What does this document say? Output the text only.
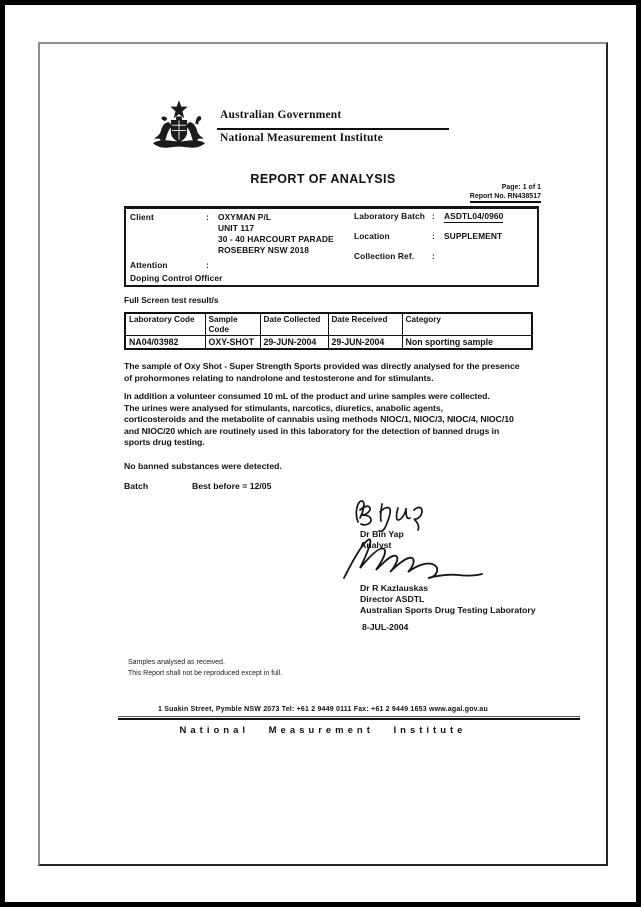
Australian Government
National Measurement Institute
REPORT OF ANALYSIS
Page: 1 of 1
Report No. RN438517
Client	: OXYMAN P/L
UNIT 117
30 - 40 HARCOURT PARADE
ROSEBERY NSW 2018
Laboratory Batch : ASDTL04/0960
Location	: SUPPLEMENT
Collection Ref. :
Attention	:
Doping Control Officer
Full Screen test result/s
Laboratory Code	Sample Code	Date Collected	Date Received	Category
NA04/03982	OXY-SHOT	29-JUN-2004	29-JUN-2004	Non sporting sample
The sample of Oxy Shot - Super Strength Sports provided was directly analysed for the presence
of prohormones relating to nandrolone and testosterone and for stimulants.
In addition a volunteer consumed 10 mL of the product and urine samples were collected.
The urines were analysed for stimulants, narcotics, diuretics, anabolic agents,
corticosteroids and the metabolite of cannabis using methods NIOC/1, NIOC/3, NIOC/4, NIOC/10
and NIOC/20 which are routinely used in this laboratory for the detection of banned drugs in
sports drug testing.
No banned substances were detected.
Batch	Best before = 12/05
Dr Bin Yap
Analyst
Dr R Kazlauskas
Director ASDTL
Australian Sports Drug Testing Laboratory
8-JUL-2004
Samples analysed as received.
This Report shall not be reproduced except in full.
1 Suakin Street, Pymble NSW 2073 Tel: +61 2 9449 0111 Fax: +61 2 9449 1653 www.agal.gov.au
National Measurement Institute
